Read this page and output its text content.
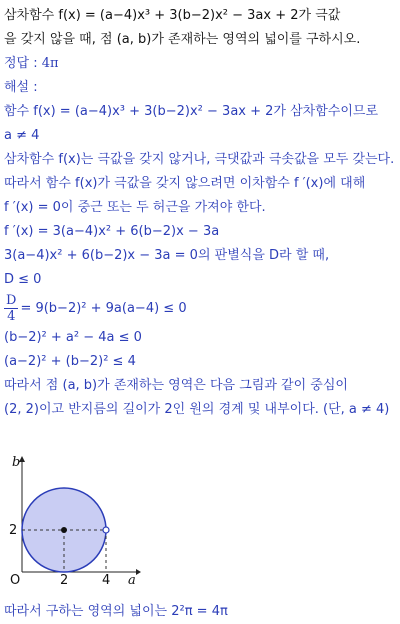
삼차함수 f(x) = (a−4)x³ + 3(b−2)x² − 3ax + 2가 극값
을 갖지 않을 때, 점 (a, b)가 존재하는 영역의 넓이를 구하시오.
정답 : 4π
해설 :
함수 f(x) = (a−4)x³ + 3(b−2)x² − 3ax + 2가 삼차함수이므로
a ≠ 4
삼차함수 f(x)는 극값을 갖지 않거나, 극댓값과 극솟값을 모두 갖는다.
따라서 함수 f(x)가 극값을 갖지 않으려면 이차함수 f ′(x)에 대해
f ′(x) = 0이 중근 또는 두 허근을 가져야 한다.
f ′(x) = 3(a−4)x² + 6(b−2)x − 3a
3(a−4)x² + 6(b−2)x − 3a = 0의 판별식을 D라 할 때,
D ≤ 0
$\frac{D}{4} = 9(b-2)^2 + 9a(a-4) \le 0$
(b−2)² + a² − 4a ≤ 0
(a−2)² + (b−2)² ≤ 4
따라서 점 (a, b)가 존재하는 영역은 다음 그림과 같이 중심이
(2, 2)이고 반지름의 길이가 2인 원의 경계 및 내부이다. (단, a ≠ 4)
b
2
O	2	4 a
따라서 구하는 영역의 넓이는 2²π = 4π
